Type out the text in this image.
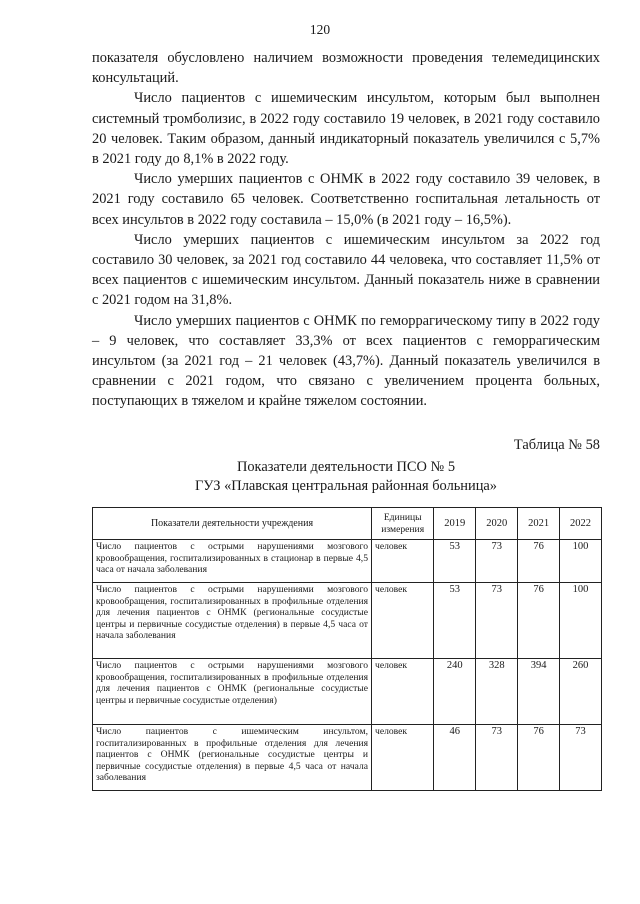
120

показателя обусловлено наличием возможности проведения телемедицинских консультаций.

Число пациентов с ишемическим инсультом, которым был выполнен системный тромболизис, в 2022 году составило 19 человек, в 2021 году составило 20 человек. Таким образом, данный индикаторный показатель увеличился с 5,7% в 2021 году до 8,1% в 2022 году.

Число умерших пациентов с ОНМК в 2022 году составило 39 человек, в 2021 году составило 65 человек. Соответственно госпитальная летальность от всех инсультов в 2022 году составила – 15,0% (в 2021 году – 16,5%).

Число умерших пациентов с ишемическим инсультом за 2022 год составило 30 человек, за 2021 год составило 44 человека, что составляет 11,5% от всех пациентов с ишемическим инсультом. Данный показатель ниже в сравнении с 2021 годом на 31,8%.

Число умерших пациентов с ОНМК по геморрагическому типу в 2022 году – 9 человек, что составляет 33,3% от всех пациентов с геморрагическим инсультом (за 2021 год – 21 человек (43,7%). Данный показатель увеличился в сравнении с 2021 годом, что связано с увеличением процента больных, поступающих в тяжелом и крайне тяжелом состоянии.

Таблица № 58
Показатели деятельности ПСО № 5
ГУЗ «Плавская центральная районная больница»
Показатели деятельности учреждения	Единицы измерения	2019	2020	2021	2022
Число пациентов с острыми нарушениями мозгового кровообращения, госпитализированных в стационар в первые 4,5 часа от начала заболевания	человек	53	73	76	100
Число пациентов с острыми нарушениями мозгового кровообращения, госпитализированных в профильные отделения для лечения пациентов с ОНМК (региональные сосудистые центры и первичные сосудистые отделения) в первые 4,5 часа от начала заболевания	человек	53	73	76	100
Число пациентов с острыми нарушениями мозгового кровообращения, госпитализированных в профильные отделения для лечения пациентов с ОНМК (региональные сосудистые центры и первичные сосудистые отделения)	человек	240	328	394	260
Число пациентов с ишемическим инсультом, госпитализированных в профильные отделения для лечения пациентов с ОНМК (региональные сосудистые центры и первичные сосудистые отделения) в первые 4,5 часа от начала заболевания	человек	46	73	76	73
